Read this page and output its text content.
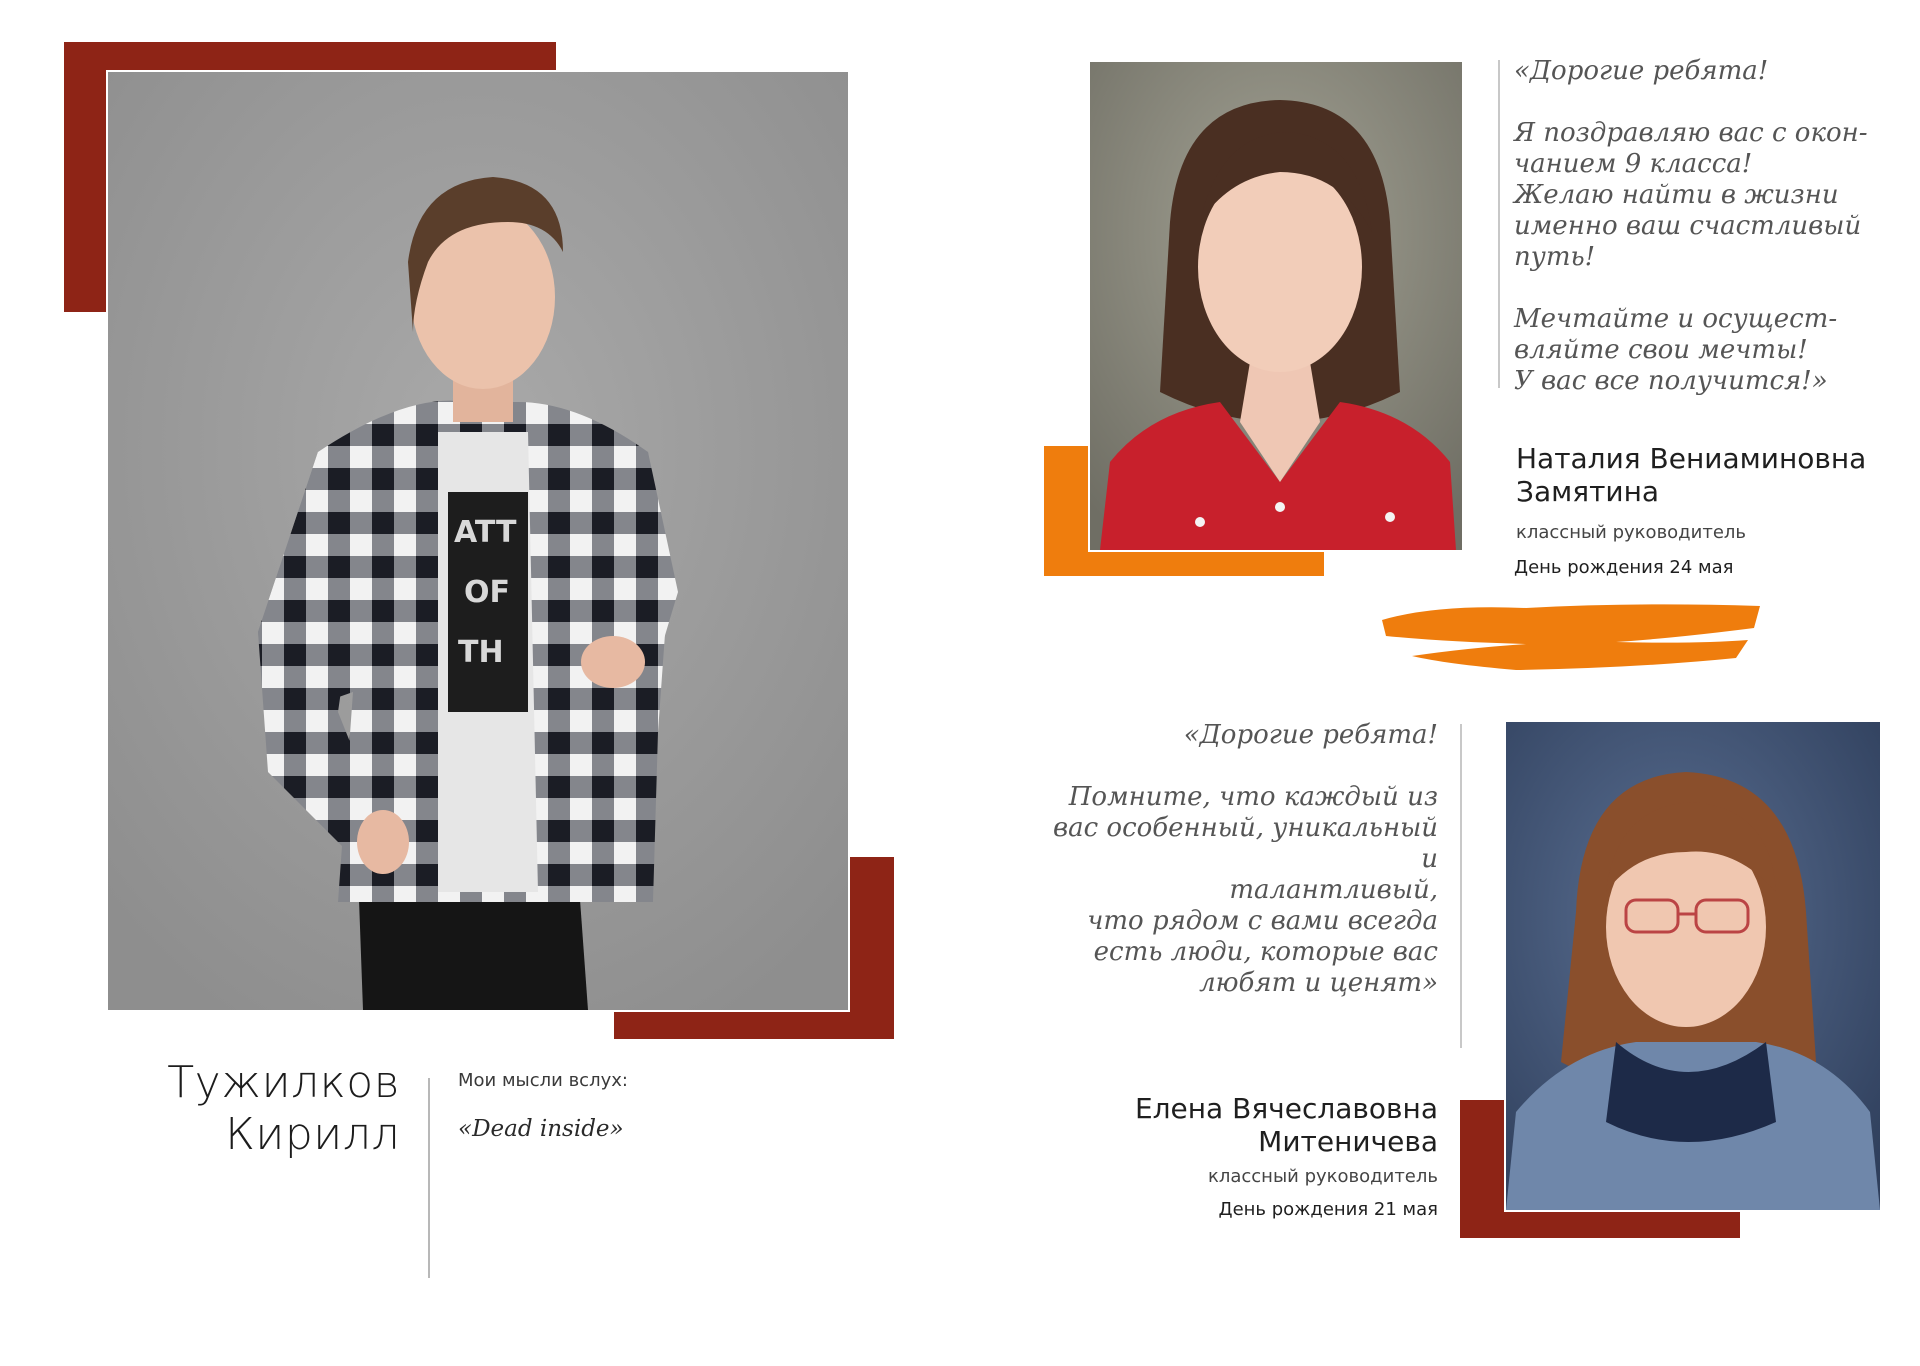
ATT
OF
TH
Тужилков
Кирилл
Мои мысли вслух:
«Dead inside»

«Дорогие ребята!

Я поздравляю вас с окон-
чанием 9 класса!
Желаю найти в жизни
именно ваш счастливый
путь!

Мечтайте и осущест-
вляйте свои мечты!
У вас все получится!»

Наталия Вениаминовна
Замятина
классный руководитель
День рождения 24 мая

«Дорогие ребята!

Помните, что каждый из
вас особенный, уникальный и
талантливый,
что рядом с вами всегда
есть люди, которые вас
любят и ценят»

Елена Вячеславовна
Митеничева
классный руководитель
День рождения 21 мая
